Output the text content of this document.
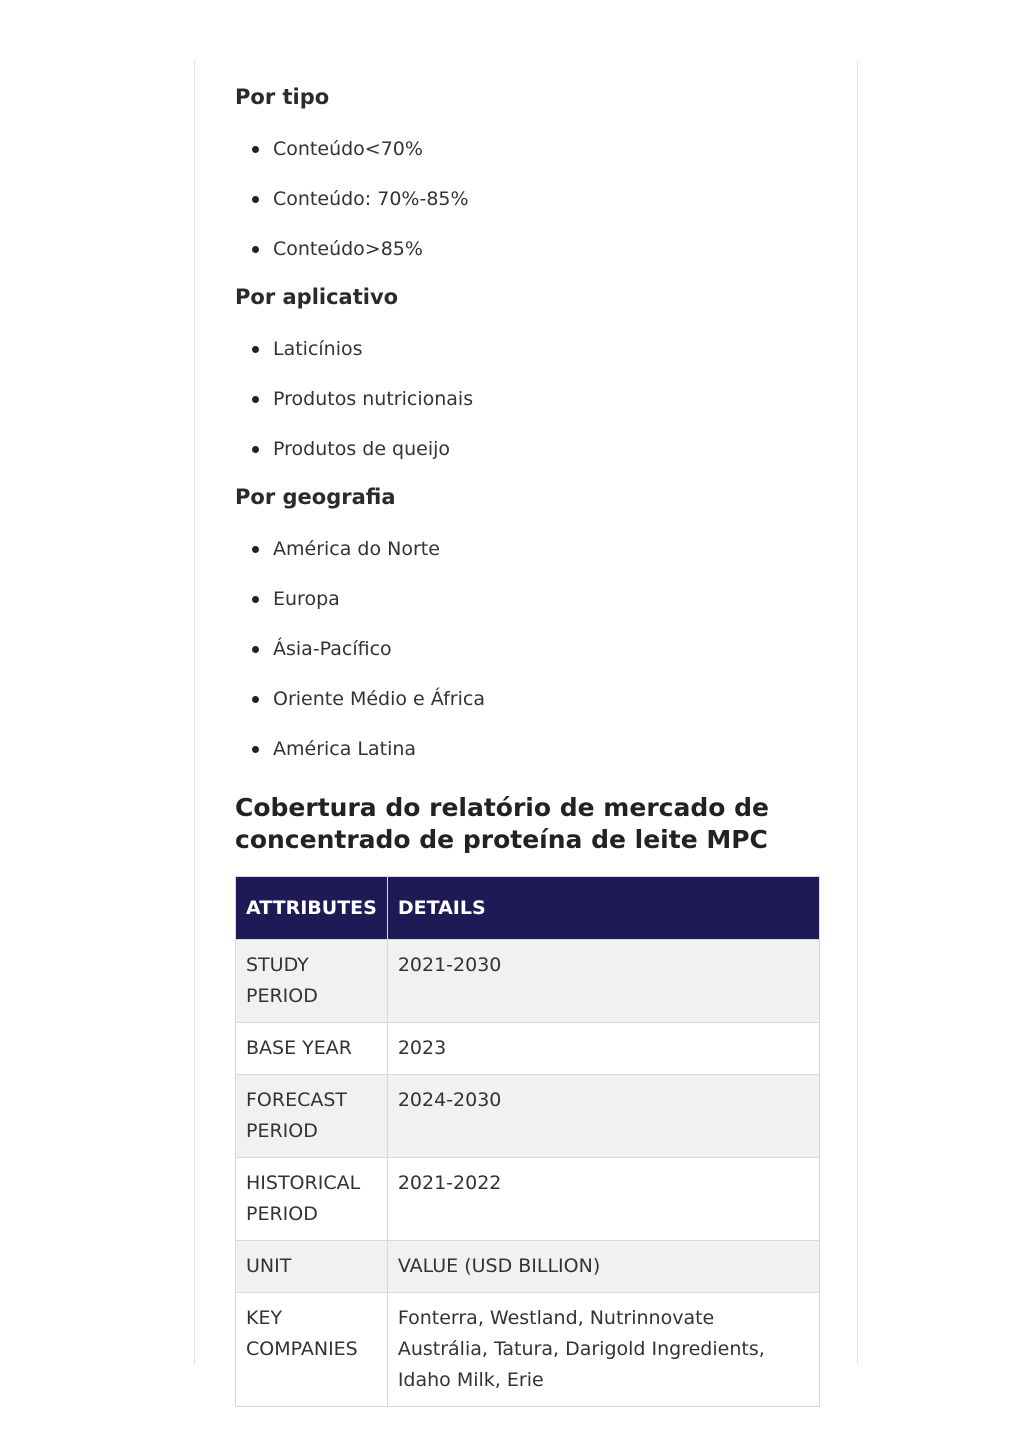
Por tipo
Conteúdo<70%
Conteúdo: 70%-85%
Conteúdo>85%
Por aplicativo
Laticínios
Produtos nutricionais
Produtos de queijo
Por geografia
América do Norte
Europa
Ásia-Pacífico
Oriente Médio e África
América Latina
Cobertura do relatório de mercado de concentrado de proteína de leite MPC
ATTRIBUTES	DETAILS
STUDY PERIOD	2021-2030
BASE YEAR	2023
FORECAST PERIOD	2024-2030
HISTORICAL PERIOD	2021-2022
UNIT	VALUE (USD BILLION)
KEY COMPANIES	Fonterra, Westland, Nutrinnovate Austrália, Tatura, Darigold Ingredients, Idaho Milk, Erie
